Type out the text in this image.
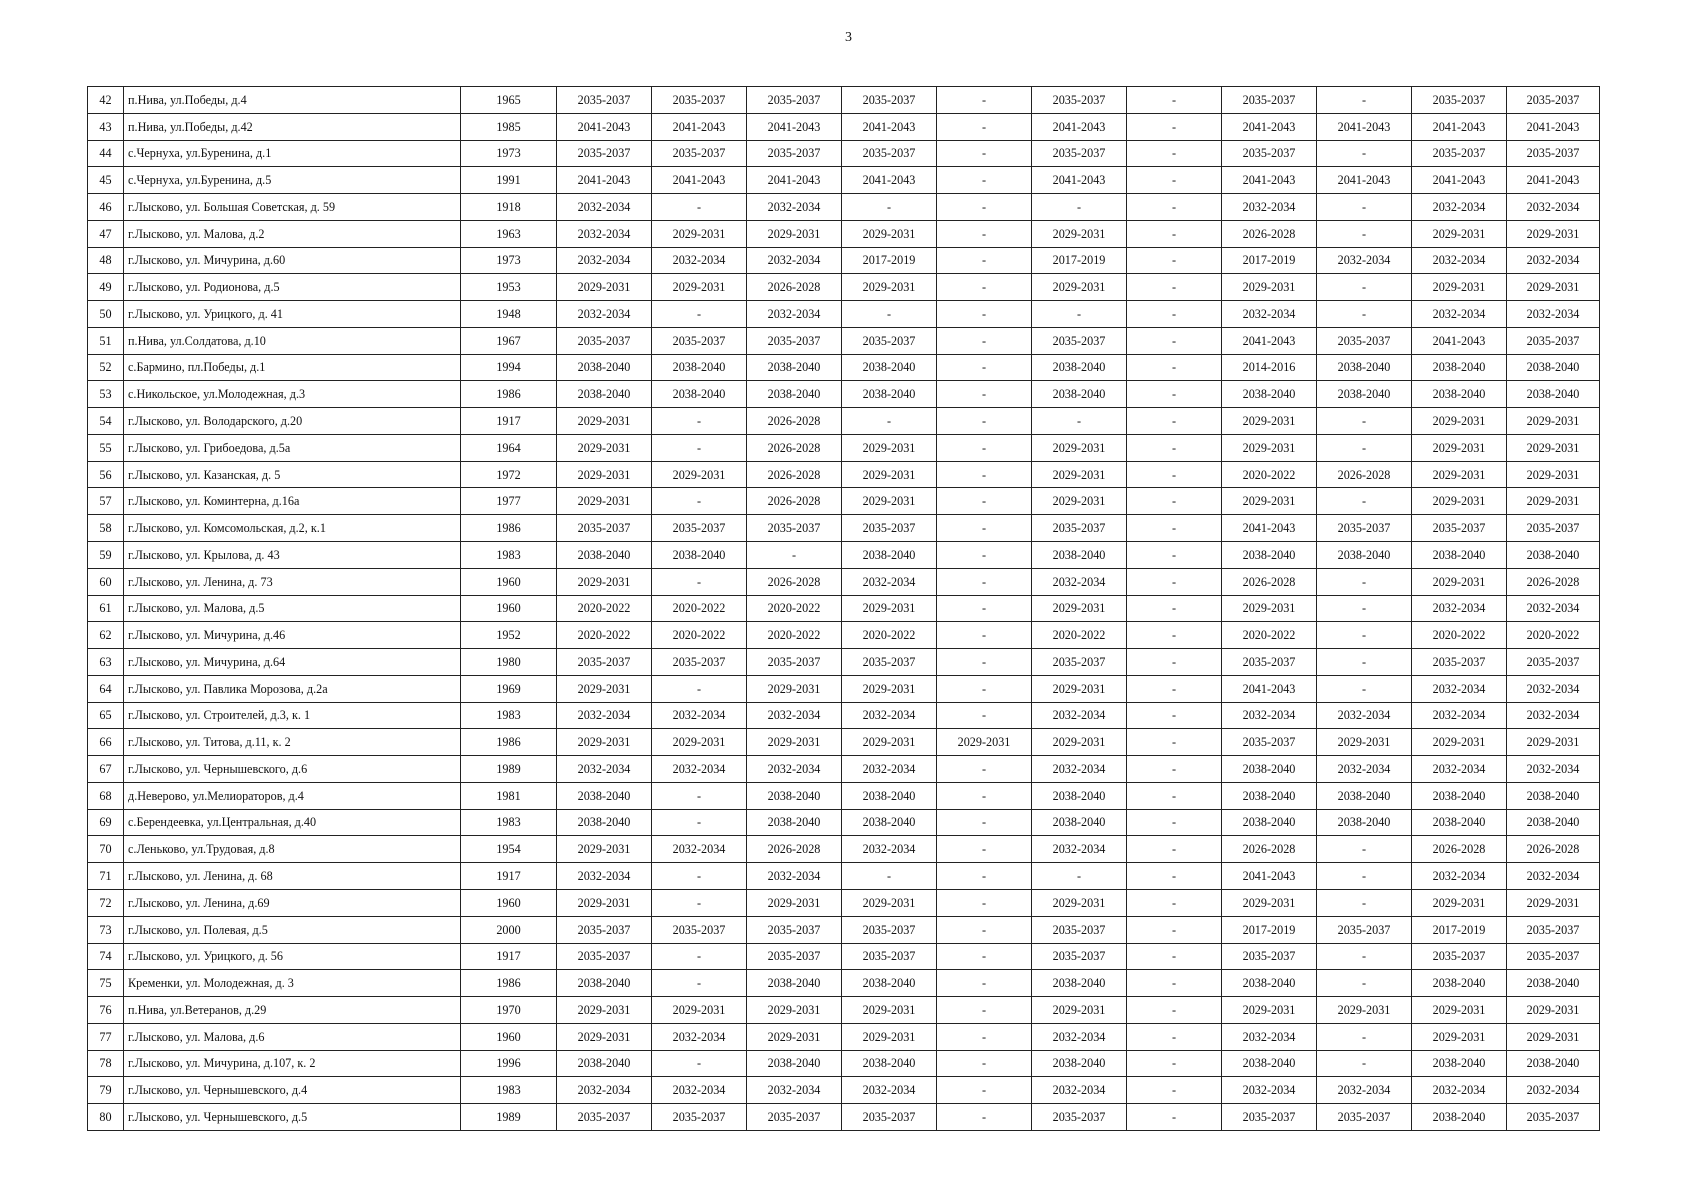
3
42	п.Нива, ул.Победы, д.4	1965	2035-2037	2035-2037	2035-2037	2035-2037	-	2035-2037	-	2035-2037	-	2035-2037	2035-2037
43	п.Нива, ул.Победы, д.42	1985	2041-2043	2041-2043	2041-2043	2041-2043	-	2041-2043	-	2041-2043	2041-2043	2041-2043	2041-2043
44	с.Чернуха, ул.Буренина, д.1	1973	2035-2037	2035-2037	2035-2037	2035-2037	-	2035-2037	-	2035-2037	-	2035-2037	2035-2037
45	с.Чернуха, ул.Буренина, д.5	1991	2041-2043	2041-2043	2041-2043	2041-2043	-	2041-2043	-	2041-2043	2041-2043	2041-2043	2041-2043
46	г.Лысково, ул. Большая Советская, д. 59	1918	2032-2034	-	2032-2034	-	-	-	-	2032-2034	-	2032-2034	2032-2034
47	г.Лысково, ул. Малова, д.2	1963	2032-2034	2029-2031	2029-2031	2029-2031	-	2029-2031	-	2026-2028	-	2029-2031	2029-2031
48	г.Лысково, ул. Мичурина, д.60	1973	2032-2034	2032-2034	2032-2034	2017-2019	-	2017-2019	-	2017-2019	2032-2034	2032-2034	2032-2034
49	г.Лысково, ул. Родионова, д.5	1953	2029-2031	2029-2031	2026-2028	2029-2031	-	2029-2031	-	2029-2031	-	2029-2031	2029-2031
50	г.Лысково, ул. Урицкого, д. 41	1948	2032-2034	-	2032-2034	-	-	-	-	2032-2034	-	2032-2034	2032-2034
51	п.Нива, ул.Солдатова, д.10	1967	2035-2037	2035-2037	2035-2037	2035-2037	-	2035-2037	-	2041-2043	2035-2037	2041-2043	2035-2037
52	с.Бармино, пл.Победы, д.1	1994	2038-2040	2038-2040	2038-2040	2038-2040	-	2038-2040	-	2014-2016	2038-2040	2038-2040	2038-2040
53	с.Никольское, ул.Молодежная, д.3	1986	2038-2040	2038-2040	2038-2040	2038-2040	-	2038-2040	-	2038-2040	2038-2040	2038-2040	2038-2040
54	г.Лысково, ул. Володарского, д.20	1917	2029-2031	-	2026-2028	-	-	-	-	2029-2031	-	2029-2031	2029-2031
55	г.Лысково, ул. Грибоедова, д.5а	1964	2029-2031	-	2026-2028	2029-2031	-	2029-2031	-	2029-2031	-	2029-2031	2029-2031
56	г.Лысково, ул. Казанская, д. 5	1972	2029-2031	2029-2031	2026-2028	2029-2031	-	2029-2031	-	2020-2022	2026-2028	2029-2031	2029-2031
57	г.Лысково, ул. Коминтерна, д.16а	1977	2029-2031	-	2026-2028	2029-2031	-	2029-2031	-	2029-2031	-	2029-2031	2029-2031
58	г.Лысково, ул. Комсомольская, д.2, к.1	1986	2035-2037	2035-2037	2035-2037	2035-2037	-	2035-2037	-	2041-2043	2035-2037	2035-2037	2035-2037
59	г.Лысково, ул. Крылова, д. 43	1983	2038-2040	2038-2040	-	2038-2040	-	2038-2040	-	2038-2040	2038-2040	2038-2040	2038-2040
60	г.Лысково, ул. Ленина, д. 73	1960	2029-2031	-	2026-2028	2032-2034	-	2032-2034	-	2026-2028	-	2029-2031	2026-2028
61	г.Лысково, ул. Малова, д.5	1960	2020-2022	2020-2022	2020-2022	2029-2031	-	2029-2031	-	2029-2031	-	2032-2034	2032-2034
62	г.Лысково, ул. Мичурина, д.46	1952	2020-2022	2020-2022	2020-2022	2020-2022	-	2020-2022	-	2020-2022	-	2020-2022	2020-2022
63	г.Лысково, ул. Мичурина, д.64	1980	2035-2037	2035-2037	2035-2037	2035-2037	-	2035-2037	-	2035-2037	-	2035-2037	2035-2037
64	г.Лысково, ул. Павлика Морозова, д.2а	1969	2029-2031	-	2029-2031	2029-2031	-	2029-2031	-	2041-2043	-	2032-2034	2032-2034
65	г.Лысково, ул. Строителей, д.3, к. 1	1983	2032-2034	2032-2034	2032-2034	2032-2034	-	2032-2034	-	2032-2034	2032-2034	2032-2034	2032-2034
66	г.Лысково, ул. Титова, д.11, к. 2	1986	2029-2031	2029-2031	2029-2031	2029-2031	2029-2031	2029-2031	-	2035-2037	2029-2031	2029-2031	2029-2031
67	г.Лысково, ул. Чернышевского, д.6	1989	2032-2034	2032-2034	2032-2034	2032-2034	-	2032-2034	-	2038-2040	2032-2034	2032-2034	2032-2034
68	д.Неверово, ул.Мелиораторов, д.4	1981	2038-2040	-	2038-2040	2038-2040	-	2038-2040	-	2038-2040	2038-2040	2038-2040	2038-2040
69	с.Берендеевка, ул.Центральная, д.40	1983	2038-2040	-	2038-2040	2038-2040	-	2038-2040	-	2038-2040	2038-2040	2038-2040	2038-2040
70	с.Леньково, ул.Трудовая, д.8	1954	2029-2031	2032-2034	2026-2028	2032-2034	-	2032-2034	-	2026-2028	-	2026-2028	2026-2028
71	г.Лысково, ул. Ленина, д. 68	1917	2032-2034	-	2032-2034	-	-	-	-	2041-2043	-	2032-2034	2032-2034
72	г.Лысково, ул. Ленина, д.69	1960	2029-2031	-	2029-2031	2029-2031	-	2029-2031	-	2029-2031	-	2029-2031	2029-2031
73	г.Лысково, ул. Полевая, д.5	2000	2035-2037	2035-2037	2035-2037	2035-2037	-	2035-2037	-	2017-2019	2035-2037	2017-2019	2035-2037
74	г.Лысково, ул. Урицкого, д. 56	1917	2035-2037	-	2035-2037	2035-2037	-	2035-2037	-	2035-2037	-	2035-2037	2035-2037
75	Кременки, ул. Молодежная, д. 3	1986	2038-2040	-	2038-2040	2038-2040	-	2038-2040	-	2038-2040	-	2038-2040	2038-2040
76	п.Нива, ул.Ветеранов, д.29	1970	2029-2031	2029-2031	2029-2031	2029-2031	-	2029-2031	-	2029-2031	2029-2031	2029-2031	2029-2031
77	г.Лысково, ул. Малова, д.6	1960	2029-2031	2032-2034	2029-2031	2029-2031	-	2032-2034	-	2032-2034	-	2029-2031	2029-2031
78	г.Лысково, ул. Мичурина, д.107, к. 2	1996	2038-2040	-	2038-2040	2038-2040	-	2038-2040	-	2038-2040	-	2038-2040	2038-2040
79	г.Лысково, ул. Чернышевского, д.4	1983	2032-2034	2032-2034	2032-2034	2032-2034	-	2032-2034	-	2032-2034	2032-2034	2032-2034	2032-2034
80	г.Лысково, ул. Чернышевского, д.5	1989	2035-2037	2035-2037	2035-2037	2035-2037	-	2035-2037	-	2035-2037	2035-2037	2038-2040	2035-2037
